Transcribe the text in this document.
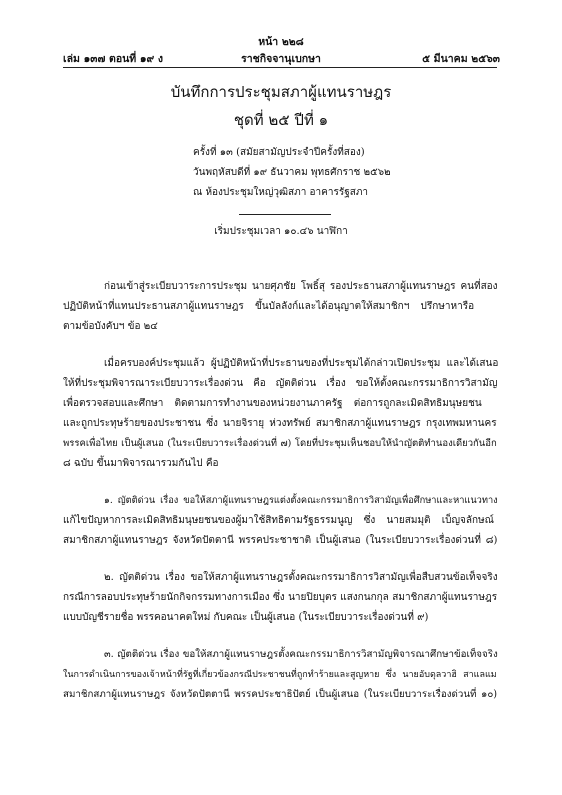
หน้า ๒๒๘
เล่ม ๑๓๗ ตอนที่ ๑๙ ง	ราชกิจจานุเบกษา	๕ มีนาคม ๒๕๖๓
บันทึกการประชุมสภาผู้แทนราษฎร
ชุดที่ ๒๕ ปีที่ ๑
ครั้งที่ ๑๓ (สมัยสามัญประจำปีครั้งที่สอง)
วันพฤหัสบดีที่ ๑๙ ธันวาคม พุทธศักราช ๒๕๖๒
ณ ห้องประชุมใหญ่วุฒิสภา อาคารรัฐสภา
เริ่มประชุมเวลา ๑๐.๔๖ นาฬิกา
ก่อนเข้าสู่ระเบียบวาระการประชุม นายศุภชัย โพธิ์สุ รองประธานสภาผู้แทนราษฎร คนที่สอง
ปฏิบัติหน้าที่แทนประธานสภาผู้แทนราษฎร ขึ้นบัลลังก์และได้อนุญาตให้สมาชิกฯ ปรึกษาหารือ
ตามข้อบังคับฯ ข้อ ๒๔
เมื่อครบองค์ประชุมแล้ว ผู้ปฏิบัติหน้าที่ประธานของที่ประชุมได้กล่าวเปิดประชุม และได้เสนอ
ให้ที่ประชุมพิจารณาระเบียบวาระเรื่องด่วน คือ ญัตติด่วน เรื่อง ขอให้ตั้งคณะกรรมาธิการวิสามัญ
เพื่อตรวจสอบและศึกษา ติดตามการทำงานของหน่วยงานภาครัฐ ต่อการถูกละเมิดสิทธิมนุษยชน
และถูกประทุษร้ายของประชาชน ซึ่ง นายจิรายุ ห่วงทรัพย์ สมาชิกสภาผู้แทนราษฎร กรุงเทพมหานคร
พรรคเพื่อไทย เป็นผู้เสนอ (ในระเบียบวาระเรื่องด่วนที่ ๗) โดยที่ประชุมเห็นชอบให้นำญัตติทำนองเดียวกันอีก
๘ ฉบับ ขึ้นมาพิจารณารวมกันไป คือ
๑. ญัตติด่วน เรื่อง ขอให้สภาผู้แทนราษฎรแต่งตั้งคณะกรรมาธิการวิสามัญเพื่อศึกษาและหาแนวทาง
แก้ไขปัญหาการละเมิดสิทธิมนุษยชนของผู้มาใช้สิทธิตามรัฐธรรมนูญ ซึ่ง นายสมมุติ เบ็ญจลักษณ์
สมาชิกสภาผู้แทนราษฎร จังหวัดปัตตานี พรรคประชาชาติ เป็นผู้เสนอ (ในระเบียบวาระเรื่องด่วนที่ ๘)
๒. ญัตติด่วน เรื่อง ขอให้สภาผู้แทนราษฎรตั้งคณะกรรมาธิการวิสามัญเพื่อสืบสวนข้อเท็จจริง
กรณีการลอบประทุษร้ายนักกิจกรรมทางการเมือง ซึ่ง นายปิยบุตร แสงกนกกุล สมาชิกสภาผู้แทนราษฎร
แบบบัญชีรายชื่อ พรรคอนาคตใหม่ กับคณะ เป็นผู้เสนอ (ในระเบียบวาระเรื่องด่วนที่ ๙)
๓. ญัตติด่วน เรื่อง ขอให้สภาผู้แทนราษฎรตั้งคณะกรรมาธิการวิสามัญพิจารณาศึกษาข้อเท็จจริง
ในการดำเนินการของเจ้าหน้าที่รัฐที่เกี่ยวข้องกรณีประชาชนที่ถูกทำร้ายและสูญหาย ซึ่ง นายอับดุลวาฮิ สาแลแม
สมาชิกสภาผู้แทนราษฎร จังหวัดปัตตานี พรรคประชาธิปัตย์ เป็นผู้เสนอ (ในระเบียบวาระเรื่องด่วนที่ ๑๐)
